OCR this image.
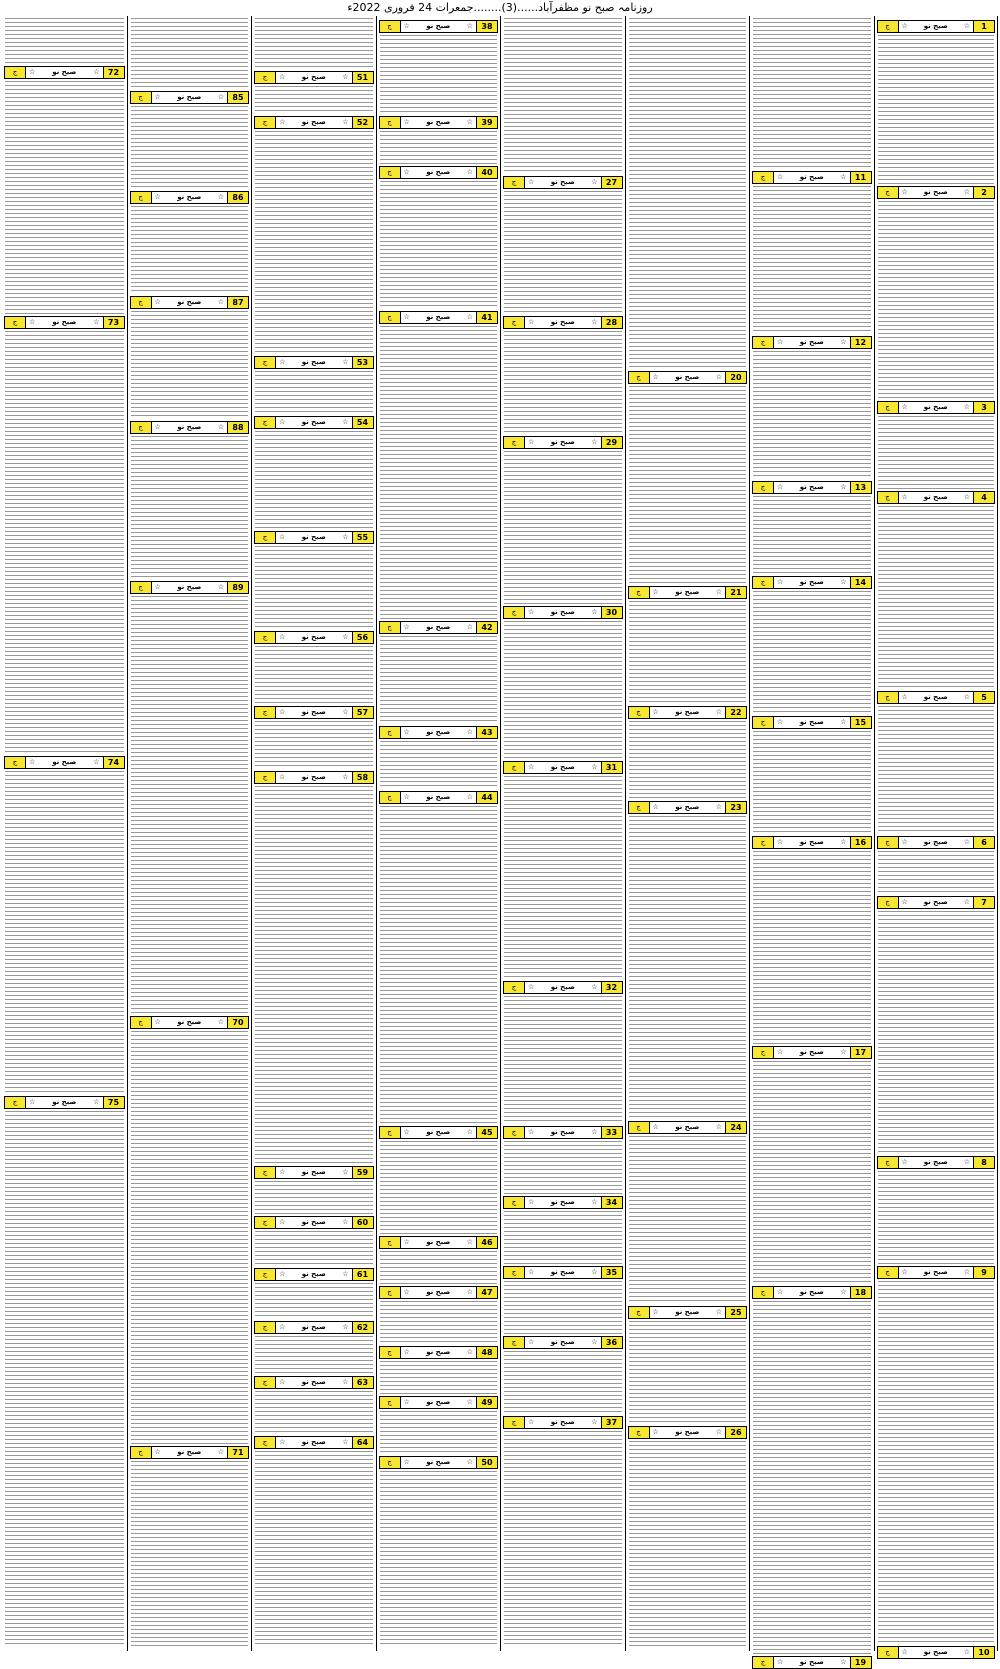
روزنامہ صبح نو مظفرآباد......(3)........جمعرات 24 فروری 2022ء
1
☆
صبح نو
☆
ج
2
☆
صبح نو
☆
ج
3
☆
صبح نو
☆
ج
4
☆
صبح نو
☆
ج
5
☆
صبح نو
☆
ج
6
☆
صبح نو
☆
ج
7
☆
صبح نو
☆
ج
8
☆
صبح نو
☆
ج
9
☆
صبح نو
☆
ج
10
☆
صبح نو
☆
ج
11
☆
صبح نو
☆
ج
12
☆
صبح نو
☆
ج
13
☆
صبح نو
☆
ج
14
☆
صبح نو
☆
ج
15
☆
صبح نو
☆
ج
16
☆
صبح نو
☆
ج
17
☆
صبح نو
☆
ج
18
☆
صبح نو
☆
ج
19
☆
صبح نو
☆
ج
20
☆
صبح نو
☆
ج
21
☆
صبح نو
☆
ج
22
☆
صبح نو
☆
ج
23
☆
صبح نو
☆
ج
24
☆
صبح نو
☆
ج
25
☆
صبح نو
☆
ج
26
☆
صبح نو
☆
ج
27
☆
صبح نو
☆
ج
28
☆
صبح نو
☆
ج
29
☆
صبح نو
☆
ج
30
☆
صبح نو
☆
ج
31
☆
صبح نو
☆
ج
32
☆
صبح نو
☆
ج
33
☆
صبح نو
☆
ج
34
☆
صبح نو
☆
ج
35
☆
صبح نو
☆
ج
36
☆
صبح نو
☆
ج
37
☆
صبح نو
☆
ج
38
☆
صبح نو
☆
ج
39
☆
صبح نو
☆
ج
40
☆
صبح نو
☆
ج
41
☆
صبح نو
☆
ج
42
☆
صبح نو
☆
ج
43
☆
صبح نو
☆
ج
44
☆
صبح نو
☆
ج
45
☆
صبح نو
☆
ج
46
☆
صبح نو
☆
ج
47
☆
صبح نو
☆
ج
48
☆
صبح نو
☆
ج
49
☆
صبح نو
☆
ج
50
☆
صبح نو
☆
ج
51
☆
صبح نو
☆
ج
52
☆
صبح نو
☆
ج
53
☆
صبح نو
☆
ج
54
☆
صبح نو
☆
ج
55
☆
صبح نو
☆
ج
56
☆
صبح نو
☆
ج
57
☆
صبح نو
☆
ج
58
☆
صبح نو
☆
ج
59
☆
صبح نو
☆
ج
60
☆
صبح نو
☆
ج
61
☆
صبح نو
☆
ج
62
☆
صبح نو
☆
ج
63
☆
صبح نو
☆
ج
64
☆
صبح نو
☆
ج
85
☆
صبح نو
☆
ج
86
☆
صبح نو
☆
ج
87
☆
صبح نو
☆
ج
88
☆
صبح نو
☆
ج
89
☆
صبح نو
☆
ج
70
☆
صبح نو
☆
ج
71
☆
صبح نو
☆
ج
72
☆
صبح نو
☆
ج
73
☆
صبح نو
☆
ج
74
☆
صبح نو
☆
ج
75
☆
صبح نو
☆
ج
